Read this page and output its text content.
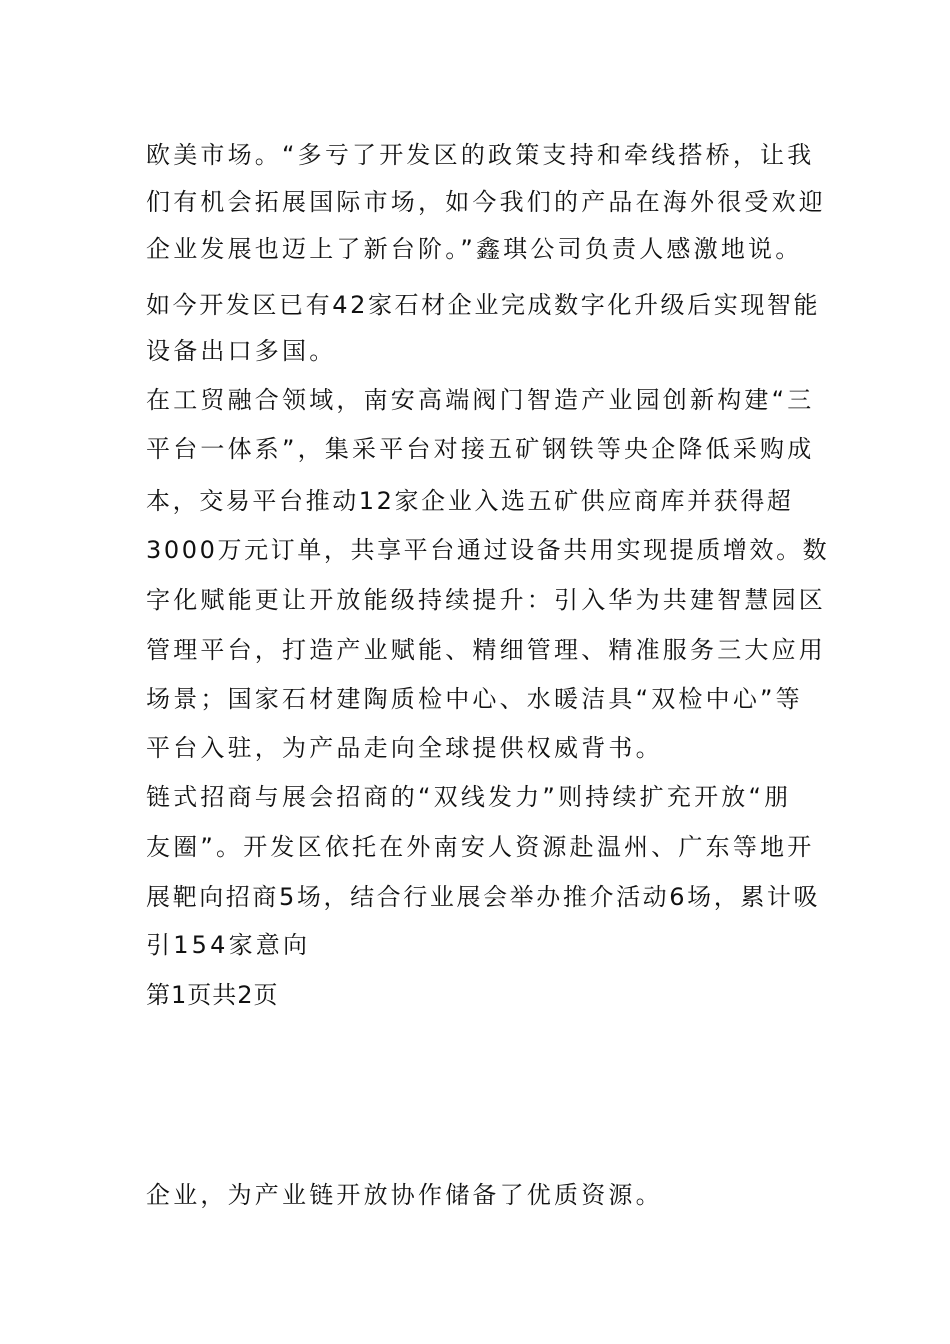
欧美市场。“多亏了开发区的政策支持和牵线搭桥，让我

们有机会拓展国际市场，如今我们的产品在海外很受欢迎

企业发展也迈上了新台阶。”鑫琪公司负责人感激地说。

如今开发区已有42家石材企业完成数字化升级后实现智能

设备出口多国。

在工贸融合领域，南安高端阀门智造产业园创新构建“三

平台一体系”，集采平台对接五矿钢铁等央企降低采购成

本，交易平台推动12家企业入选五矿供应商库并获得超

3000万元订单，共享平台通过设备共用实现提质增效。数

字化赋能更让开放能级持续提升：引入华为共建智慧园区

管理平台，打造产业赋能、精细管理、精准服务三大应用

场景；国家石材建陶质检中心、水暖洁具“双检中心”等

平台入驻，为产品走向全球提供权威背书。

链式招商与展会招商的“双线发力”则持续扩充开放“朋

友圈”。开发区依托在外南安人资源赴温州、广东等地开

展靶向招商5场，结合行业展会举办推介活动6场，累计吸

引154家意向

第1页共2页

企业，为产业链开放协作储备了优质资源。
